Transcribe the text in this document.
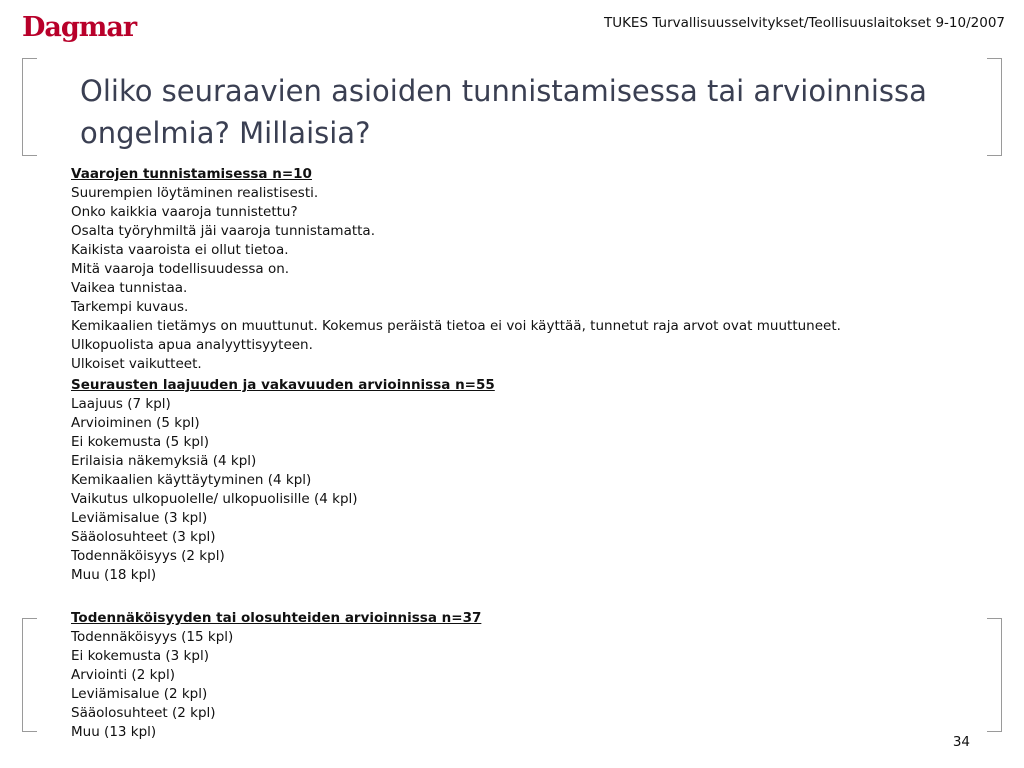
Dagmar	TUKES Turvallisuusselvitykset/Teollisuuslaitokset 9-10/2007
Oliko seuraavien asioiden tunnistamisessa tai arvioinnissa ongelmia? Millaisia?
Vaarojen tunnistamisessa n=10
Suurempien löytäminen realistisesti.
Onko kaikkia vaaroja tunnistettu?
Osalta työryhmiltä jäi vaaroja tunnistamatta.
Kaikista vaaroista ei ollut tietoa.
Mitä vaaroja todellisuudessa on.
Vaikea tunnistaa.
Tarkempi kuvaus.
Kemikaalien tietämys on muuttunut. Kokemus peräistä tietoa ei voi käyttää, tunnetut raja arvot ovat muuttuneet.
Ulkopuolista apua analyyttisyyteen.
Ulkoiset vaikutteet.
Seurausten laajuuden ja vakavuuden arvioinnissa n=55
Laajuus (7 kpl)
Arvioiminen (5 kpl)
Ei kokemusta (5 kpl)
Erilaisia näkemyksiä (4 kpl)
Kemikaalien käyttäytyminen (4 kpl)
Vaikutus ulkopuolelle/ ulkopuolisille (4 kpl)
Leviämisalue (3 kpl)
Sääolosuhteet (3 kpl)
Todennäköisyys (2 kpl)
Muu (18 kpl)
Todennäköisyyden tai olosuhteiden arvioinnissa n=37
Todennäköisyys (15 kpl)
Ei kokemusta (3 kpl)
Arviointi (2 kpl)
Leviämisalue (2 kpl)
Sääolosuhteet (2 kpl)
Muu (13 kpl)
34
